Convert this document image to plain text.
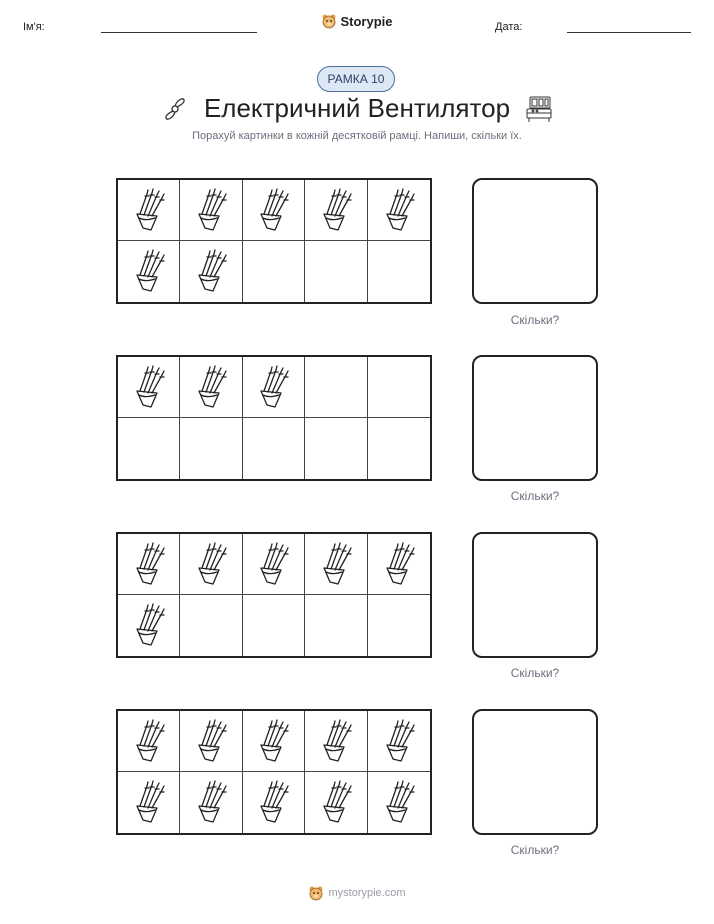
Ім'я:	Storypie	Дата:
РАМКА 10
Електричний Вентилятор
Порахуй картинки в кожній десятковій рамці. Напиши, скільки їх.
Скільки?
Скільки?
Скільки?
Скільки?
mystorypie.com
